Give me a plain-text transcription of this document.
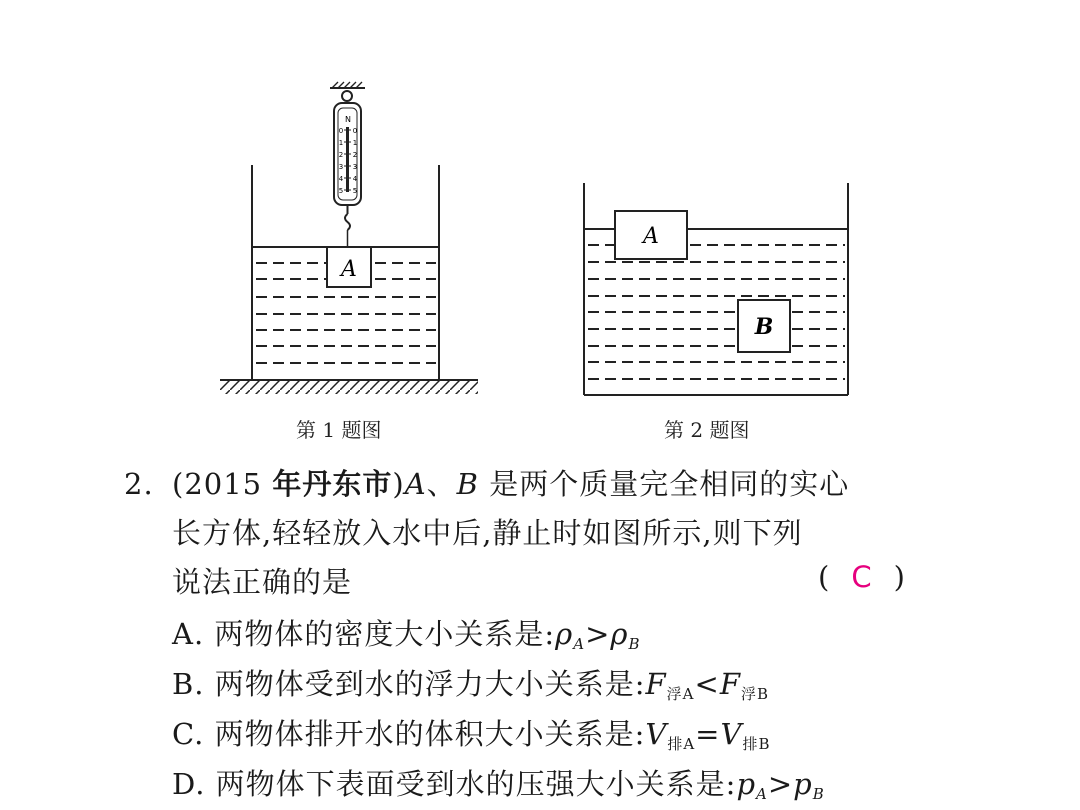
N
0 0
1 1
2 2
3 3
4 4
5 5
A
A
B
第 1 题图	第 2 题图
2. (2015 年丹东市)A、B 是两个质量完全相同的实心
长方体,轻轻放入水中后,静止时如图所示,则下列
说法正确的是	( C )
A. 两物体的密度大小关系是$:\rho_A>\rho_B$
B. 两物体受到水的浮力大小关系是$:F_{浮A}<F_{浮B}$
C. 两物体排开水的体积大小关系是$:V_{排A}=V_{排B}$
D. 两物体下表面受到水的压强大小关系是$:p_A>p_B$
